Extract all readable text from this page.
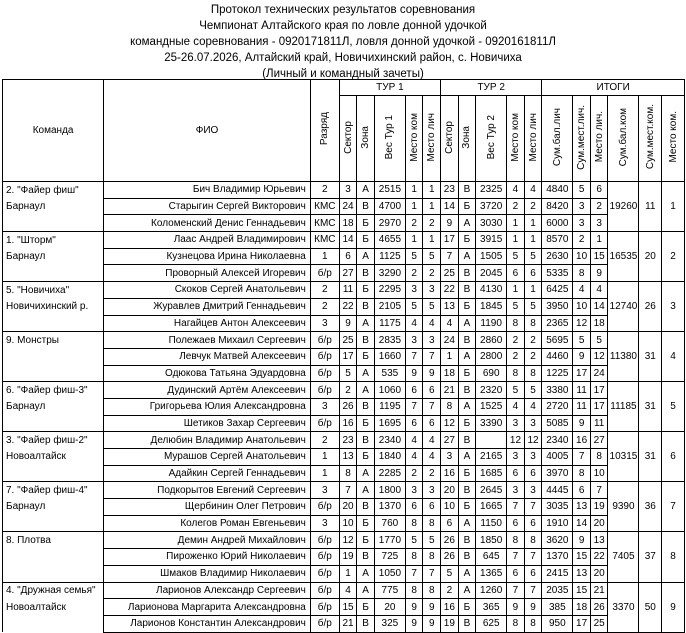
Протокол технических результатов соревнования
Чемпионат Алтайского края по ловле донной удочкой
командные соревнования - 0920171811Л, ловля донной удочкой - 0920161811Л
25-26.07.2026, Алтайский край, Новичихинский район, с. Новичиха
(Личный и командный зачеты)
Команда	ФИО	Разряд	ТУР 1					ТУР 2					ИТОГИ					
			Сектор	Зона	Вес Тур 1	Место ком	Место лич	Сектор	Зона	Вес Тур 2	Место ком	Место лич	Сум.бал.лич	Сум.мест.лич.	Место лич.	Сум.бал.ком	Сум.мест.ком.	Место ком.
2. "Файер фиш"	Бич Владимир Юрьевич	2	3	А	2515	1	1	23	В	2325	4	4	4840	5	6	19260	11	1
Барнаул	Старыгин Сергей Викторович	КМС	24	В	4700	1	1	14	Б	3720	2	2	8420	3	2			
	Коломенский Денис Геннадьевич	КМС	18	Б	2970	2	2	9	А	3030	1	1	6000	3	3			
1. "Шторм"	Лаас Андрей Владимирович	КМС	14	Б	4655	1	1	17	Б	3915	1	1	8570	2	1	16535	20	2
Барнаул	Кузнецова Ирина Николаевна	1	6	А	1125	5	5	7	А	1505	5	5	2630	10	15			
	Проворный Алексей Игоревич	б/р	27	В	3290	2	2	25	В	2045	6	6	5335	8	9			
5. "Новичиха"	Скоков Сергей Анатольевич	2	11	Б	2295	3	3	22	В	4130	1	1	6425	4	4	12740	26	3
Новичихинский р.	Журавлев Дмитрий Геннадьевич	2	22	В	2105	5	5	13	Б	1845	5	5	3950	10	14			
	Нагайцев Антон Алексеевич	3	9	А	1175	4	4	4	А	1190	8	8	2365	12	18			
9. Монстры	Полежаев Михаил Сергеевич	б/р	25	В	2835	3	3	24	В	2860	2	2	5695	5	5	11380	31	4
	Левчук Матвей Алексеевич	б/р	17	Б	1660	7	7	1	А	2800	2	2	4460	9	12			
	Одюкова Татьяна Эдуардовна	б/р	5	А	535	9	9	18	Б	690	8	8	1225	17	24			
6. "Файер фиш-3"	Дудинский Артём Алексеевич	б/р	2	А	1060	6	6	21	В	2320	5	5	3380	11	17	11185	31	5
Барнаул	Григорьева Юлия Александровна	3	26	В	1195	7	7	8	А	1525	4	4	2720	11	17			
	Шетиков Захар Сергеевич	б/р	16	Б	1695	6	6	12	Б	3390	3	3	5085	9	11			
3. "Файер фиш-2"	Делюбин Владимир Анатольевич	2	23	В	2340	4	4	27	В		12	12	2340	16	27	10315	31	6
Новоалтайск	Мурашов Сергей Анатольевич	1	13	Б	1840	4	4	3	А	2165	3	3	4005	7	8			
	Адайкин Сергей Геннадьевич	1	8	А	2285	2	2	16	Б	1685	6	6	3970	8	10			
7. "Файер фиш-4"	Подкорытов Евгений Сергеевич	3	7	А	1800	3	3	20	В	2645	3	3	4445	6	7	9390	36	7
Барнаул	Щербинин Олег Петрович	б/р	20	В	1370	6	6	10	Б	1665	7	7	3035	13	19			
	Колегов Роман Евгеньевич	3	10	Б	760	8	8	6	А	1150	6	6	1910	14	20			
8. Плотва	Демин Андрей Михайлович	б/р	12	Б	1770	5	5	26	В	1850	8	8	3620	9	13	7405	37	8
	Пироженко Юрий Николаевич	б/р	19	В	725	8	8	26	В	645	7	7	1370	15	22			
	Шмаков Владимир Николаевич	б/р	1	А	1050	7	7	5	А	1365	6	6	2415	13	20			
4. "Дружная семья"	Ларионов Александр Сергеевич	б/р	4	А	775	8	8	2	А	1260	7	7	2035	15	21	3370	50	9
Новоалтайск	Ларионова Маргарита Александровна	б/р	15	Б	20	9	9	16	Б	365	9	9	385	18	26			
	Ларионов Константин Александрович	б/р	21	В	325	9	9	19	В	625	8	8	950	17	25			
